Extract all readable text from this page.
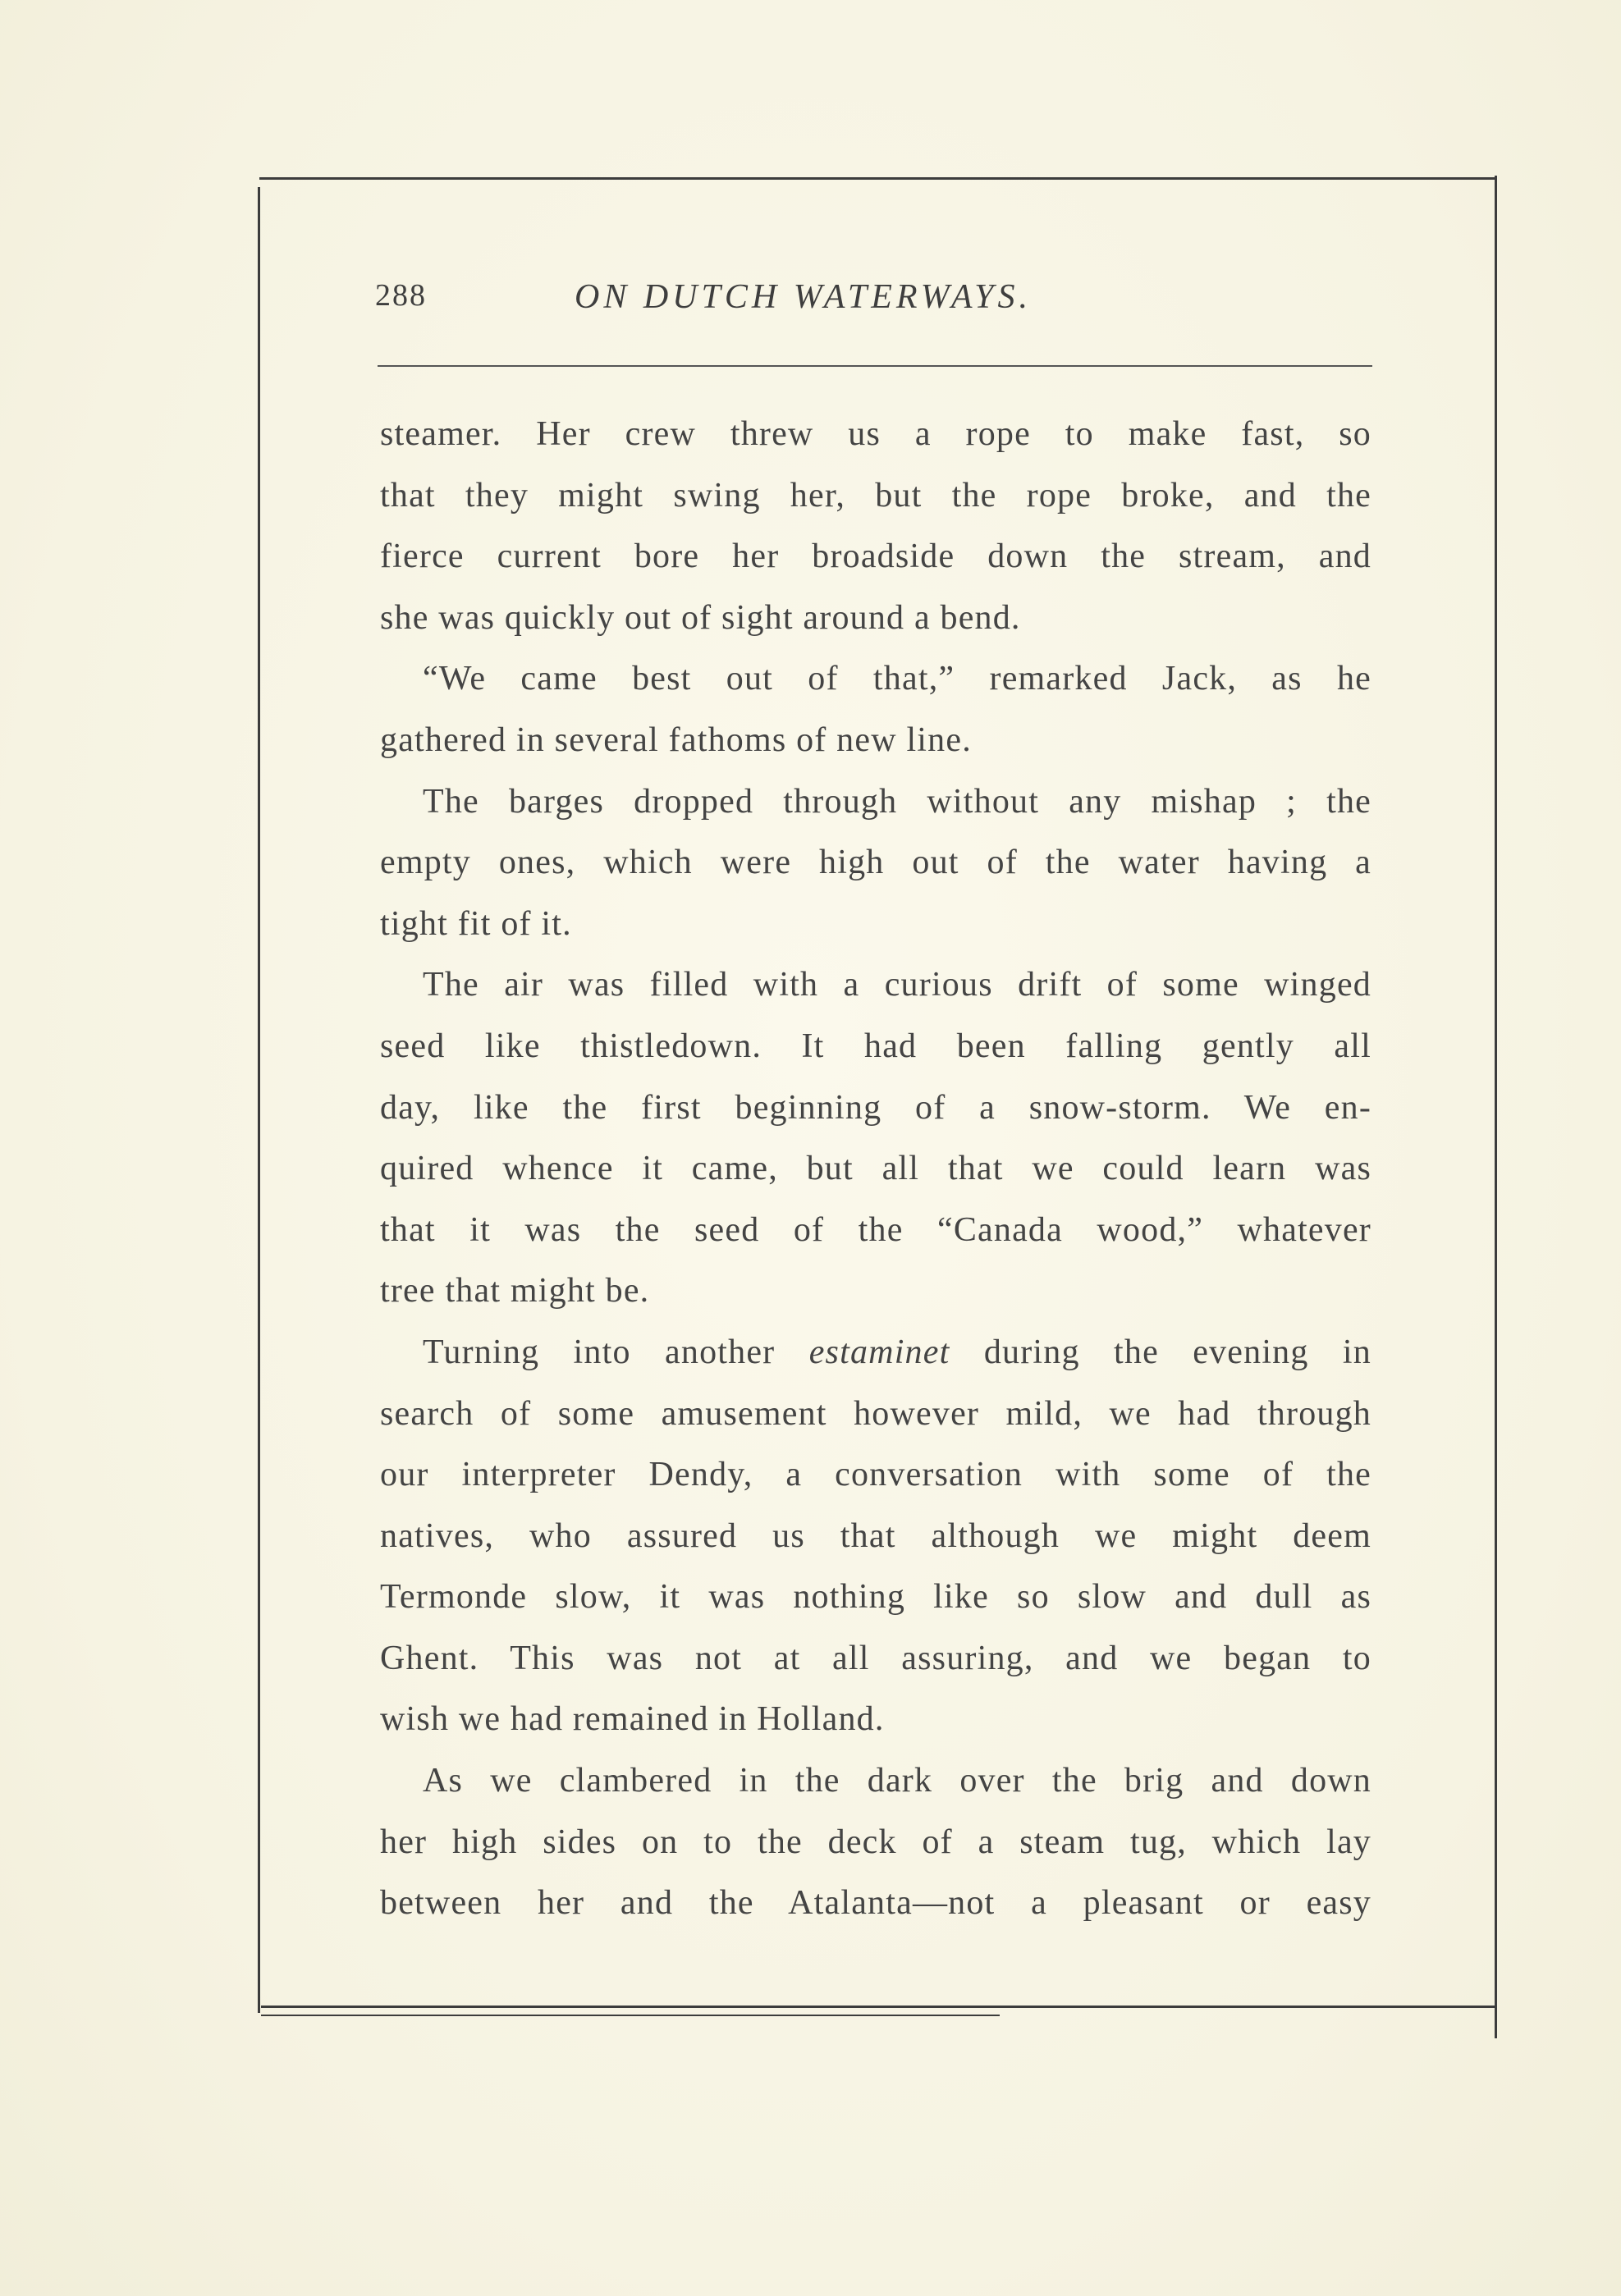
288	ON DUTCH WATERWAYS.
steamer. Her crew threw us a rope to make fast, so
that they might swing her, but the rope broke, and the
fierce current bore her broadside down the stream, and
she was quickly out of sight around a bend.
“We came best out of that,” remarked Jack, as he
gathered in several fathoms of new line.
The barges dropped through without any mishap ; the
empty ones, which were high out of the water having a
tight fit of it.
The air was filled with a curious drift of some winged
seed like thistledown. It had been falling gently all
day, like the first beginning of a snow-storm. We en-
quired whence it came, but all that we could learn was
that it was the seed of the “Canada wood,” whatever
tree that might be.
Turning into another estaminet during the evening in
search of some amusement however mild, we had through
our interpreter Dendy, a conversation with some of the
natives, who assured us that although we might deem
Termonde slow, it was nothing like so slow and dull as
Ghent. This was not at all assuring, and we began to
wish we had remained in Holland.
As we clambered in the dark over the brig and down
her high sides on to the deck of a steam tug, which lay
between her and the Atalanta—not a pleasant or easy
